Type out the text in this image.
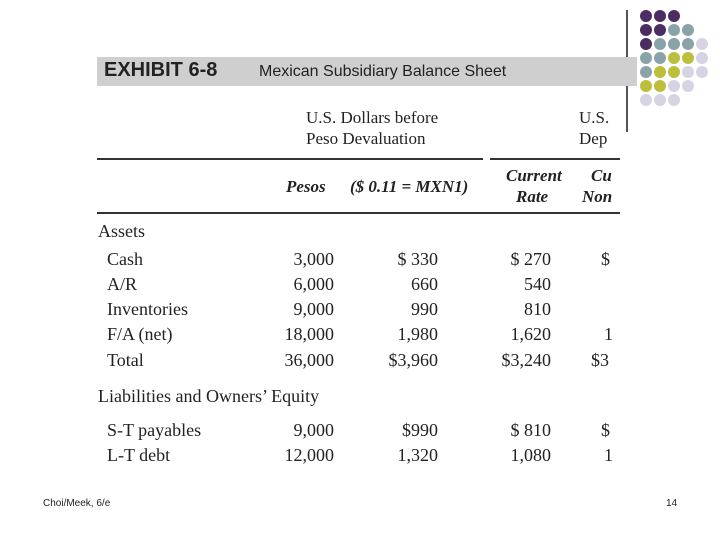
EXHIBIT 6-8	Mexican Subsidiary Balance Sheet
U.S. Dollars before
Peso Devaluation
U.S.
Dep
Pesos ($ 0.11 = MXN1)
Current
Rate
Cu
Non
Assets
Cash	3,000	$ 330	$ 270	$
A/R	6,000	660	540
Inventories	9,000	990	810
F/A (net)	18,000	1,980	1,620	1
Total	36,000	$3,960	$3,240 $3
Liabilities and Owners’ Equity
S-T payables	9,000	$990	$ 810	$
L-T debt	12,000	1,320	1,080	1
Choi/Meek, 6/e	14
